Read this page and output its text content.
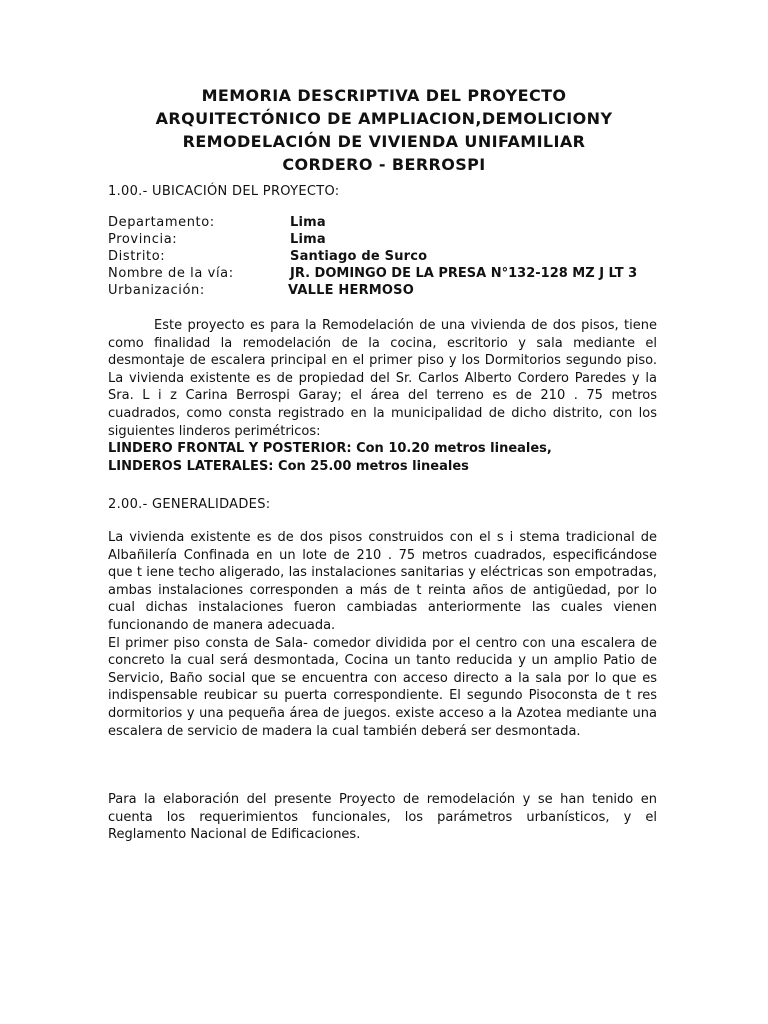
MEMORIA DESCRIPTIVA DEL PROYECTO
ARQUITECTÓNICO DE AMPLIACION,DEMOLICIONY
REMODELACIÓN DE VIVIENDA UNIFAMILIAR
CORDERO - BERROSPI
1.00.- UBICACIÓN DEL PROYECTO:
Departamento:	Lima
Provincia:	Lima
Distrito:	Santiago de Surco
Nombre de la vía:	JR. DOMINGO DE LA PRESA N°132-128 MZ J LT 3
Urbanización:	VALLE HERMOSO

Este proyecto es para la Remodelación de una vivienda de dos pisos, tiene como finalidad la remodelación de la cocina, escritorio y sala mediante el desmontaje de escalera principal en el primer piso y los Dormitorios segundo piso. La vivienda existente es de propiedad del Sr. Carlos Alberto Cordero Paredes y la Sra. L i z Carina Berrospi Garay; el área del terreno es de 210 . 75 metros cuadrados, como consta registrado en la municipalidad de dicho distrito, con los siguientes linderos perimétricos:

LINDERO FRONTAL Y POSTERIOR: Con 10.20 metros lineales,
LINDEROS LATERALES: Con 25.00 metros lineales
2.00.- GENERALIDADES:

La vivienda existente es de dos pisos construidos con el s i stema tradicional de Albañilería Confinada en un lote de 210 . 75 metros cuadrados, especificándose que t iene techo aligerado, las instalaciones sanitarias y eléctricas son empotradas, ambas instalaciones corresponden a más de t reinta años de antigüedad, por lo cual dichas instalaciones fueron cambiadas anteriormente las cuales vienen funcionando de manera adecuada.

El primer piso consta de Sala- comedor dividida por el centro con una escalera de concreto la cual será desmontada, Cocina un tanto reducida y un amplio Patio de Servicio, Baño social que se encuentra con acceso directo a la sala por lo que es indispensable reubicar su puerta correspondiente. El segundo Pisoconsta de t res dormitorios y una pequeña área de juegos. existe acceso a la Azotea mediante una escalera de servicio de madera la cual también deberá ser desmontada.

Para la elaboración del presente Proyecto de remodelación y se han tenido en cuenta los requerimientos funcionales, los parámetros urbanísticos, y el Reglamento Nacional de Edificaciones.
